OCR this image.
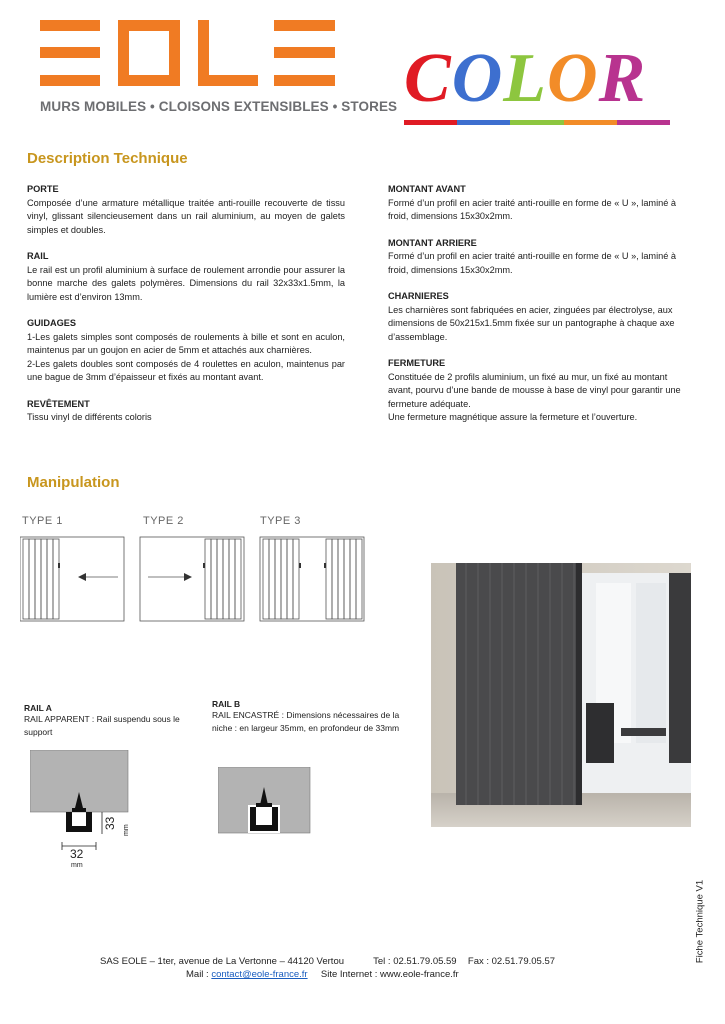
MURS MOBILES • CLOISONS EXTENSIBLES • STORES COLOR
Description Technique

PORTE

Composée d’une armature métallique traitée anti-rouille recouverte de tissu vinyl, glissant silencieusement dans un rail aluminium, au moyen de galets simples et doubles.

RAIL

Le rail est un profil aluminium à surface de roulement arrondie pour assurer la bonne marche des galets polymères. Dimensions du rail 32x33x1.5mm, la lumière est d’environ 13mm.

GUIDAGES

1-Les galets simples sont composés de roulements à bille et sont en aculon, maintenus par un goujon en acier de 5mm et attachés aux charnières.

2-Les galets doubles sont composés de 4 roulettes en aculon, maintenus par une bague de 3mm d’épaisseur et fixés au montant avant.

REVÊTEMENT

Tissu vinyl de différents coloris

MONTANT AVANT

Formé d’un profil en acier traité anti-rouille en forme de « U », laminé à froid, dimensions 15x30x2mm.

MONTANT ARRIERE

Formé d’un profil en acier traité anti-rouille en forme de « U », laminé à froid, dimensions 15x30x2mm.

CHARNIERES

Les charnières sont fabriquées en acier, zinguées par électrolyse, aux dimensions de 50x215x1.5mm fixée sur un pantographe à chaque axe d’assemblage.

FERMETURE

Constituée de 2 profils aluminium, un fixé au mur, un fixé au montant avant, pourvu d’une bande de mousse à base de vinyl pour garantir une fermeture adéquate.

Une fermeture magnétique assure la fermeture et l’ouverture.

Manipulation
TYPE 1	TYPE 2	TYPE 3
RAIL A
RAIL APPARENT : Rail suspendu sous le support
RAIL B
RAIL ENCASTRÉ : Dimensions nécessaires de la niche : en largeur 35mm, en profondeur de 33mm
33
mm
32
mm
SAS EOLE – 1ter, avenue de La Vertonne – 44120 Vertou	Tel : 02.51.79.05.59 Fax : 02.51.79.05.57
Mail : contact@eole-france.fr Site Internet : www.eole-france.fr
Fiche Technique V1
